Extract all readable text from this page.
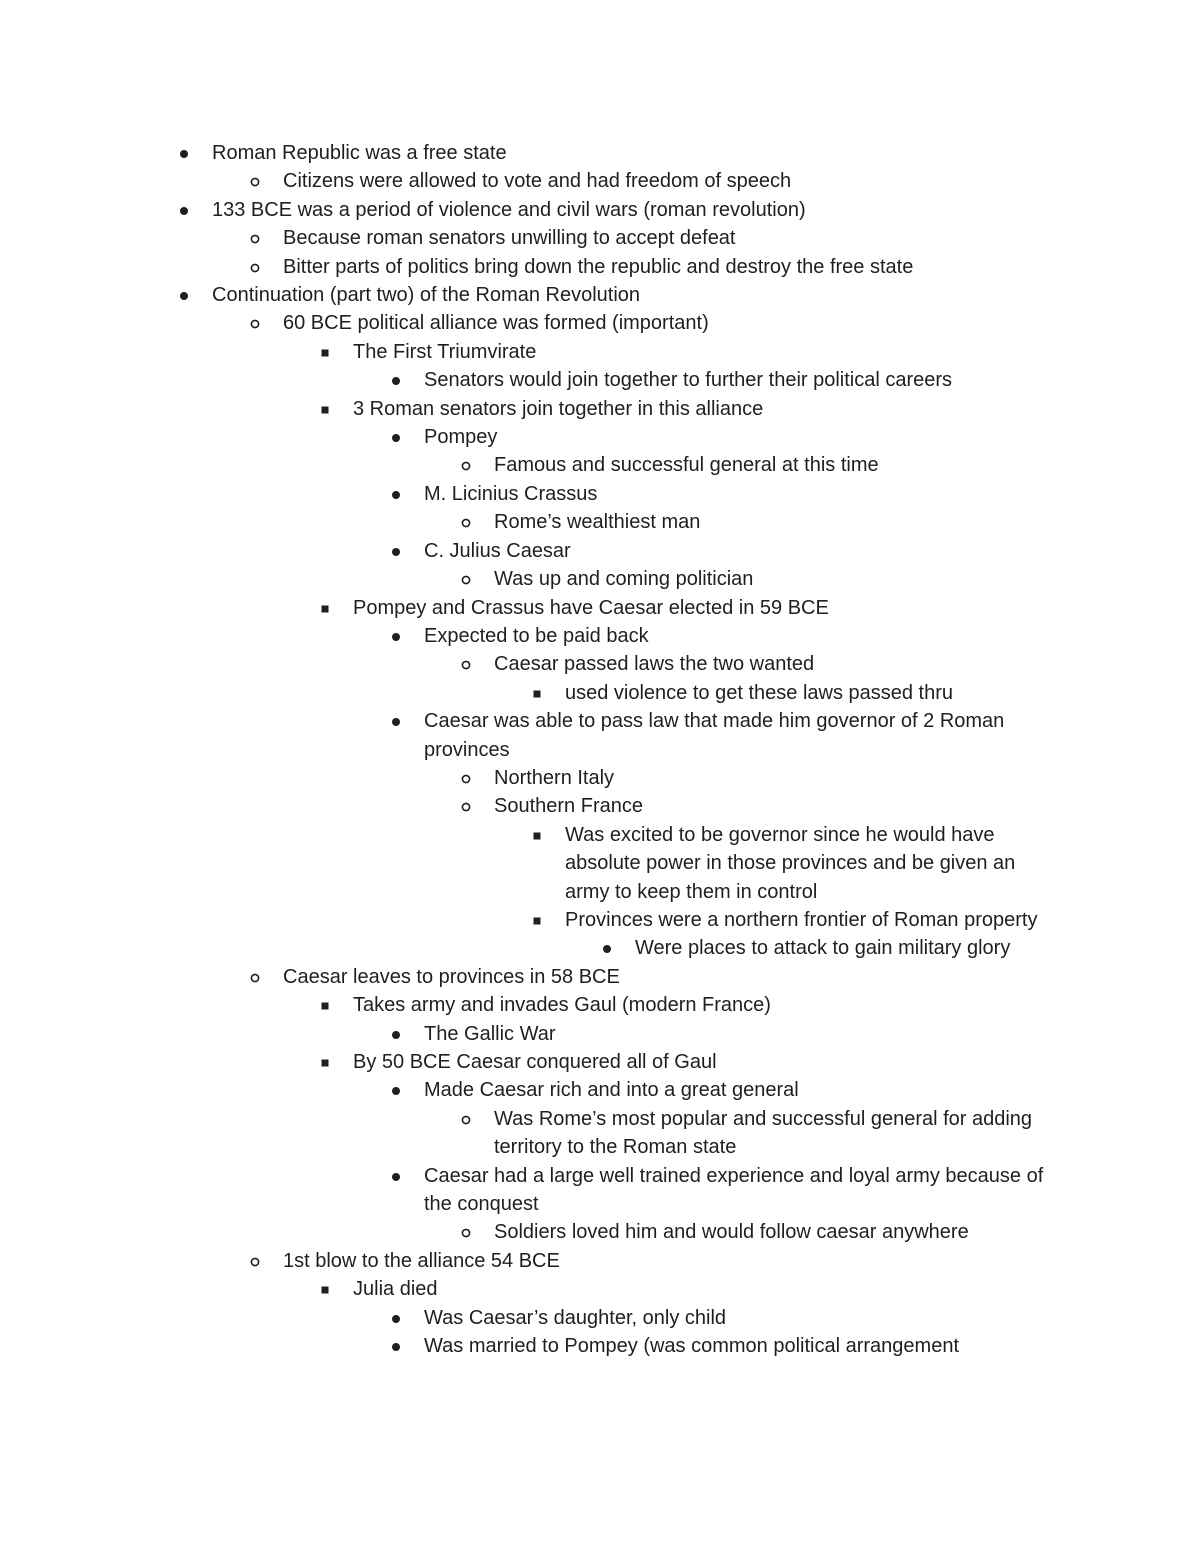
Roman Republic was a free state
Citizens were allowed to vote and had freedom of speech
133 BCE was a period of violence and civil wars (roman revolution)
Because roman senators unwilling to accept defeat
Bitter parts of politics bring down the republic and destroy the free state
Continuation (part two) of the Roman Revolution
60 BCE political alliance was formed (important)
The First Triumvirate
Senators would join together to further their political careers
3 Roman senators join together in this alliance
Pompey
Famous and successful general at this time
M. Licinius Crassus
Rome’s wealthiest man
C. Julius Caesar
Was up and coming politician
Pompey and Crassus have Caesar elected in 59 BCE
Expected to be paid back
Caesar passed laws the two wanted
used violence to get these laws passed thru
Caesar was able to pass law that made him governor of 2 Roman provinces
Northern Italy
Southern France
Was excited to be governor since he would have absolute power in those provinces and be given an army to keep them in control
Provinces were a northern frontier of Roman property
Were places to attack to gain military glory
Caesar leaves to provinces in 58 BCE
Takes army and invades Gaul (modern France)
The Gallic War
By 50 BCE Caesar conquered all of Gaul
Made Caesar rich and into a great general
Was Rome’s most popular and successful general for adding territory to the Roman state
Caesar had a large well trained experience and loyal army because of the conquest
Soldiers loved him and would follow caesar anywhere
1st blow to the alliance 54 BCE
Julia died
Was Caesar’s daughter, only child
Was married to Pompey (was common political arrangement
